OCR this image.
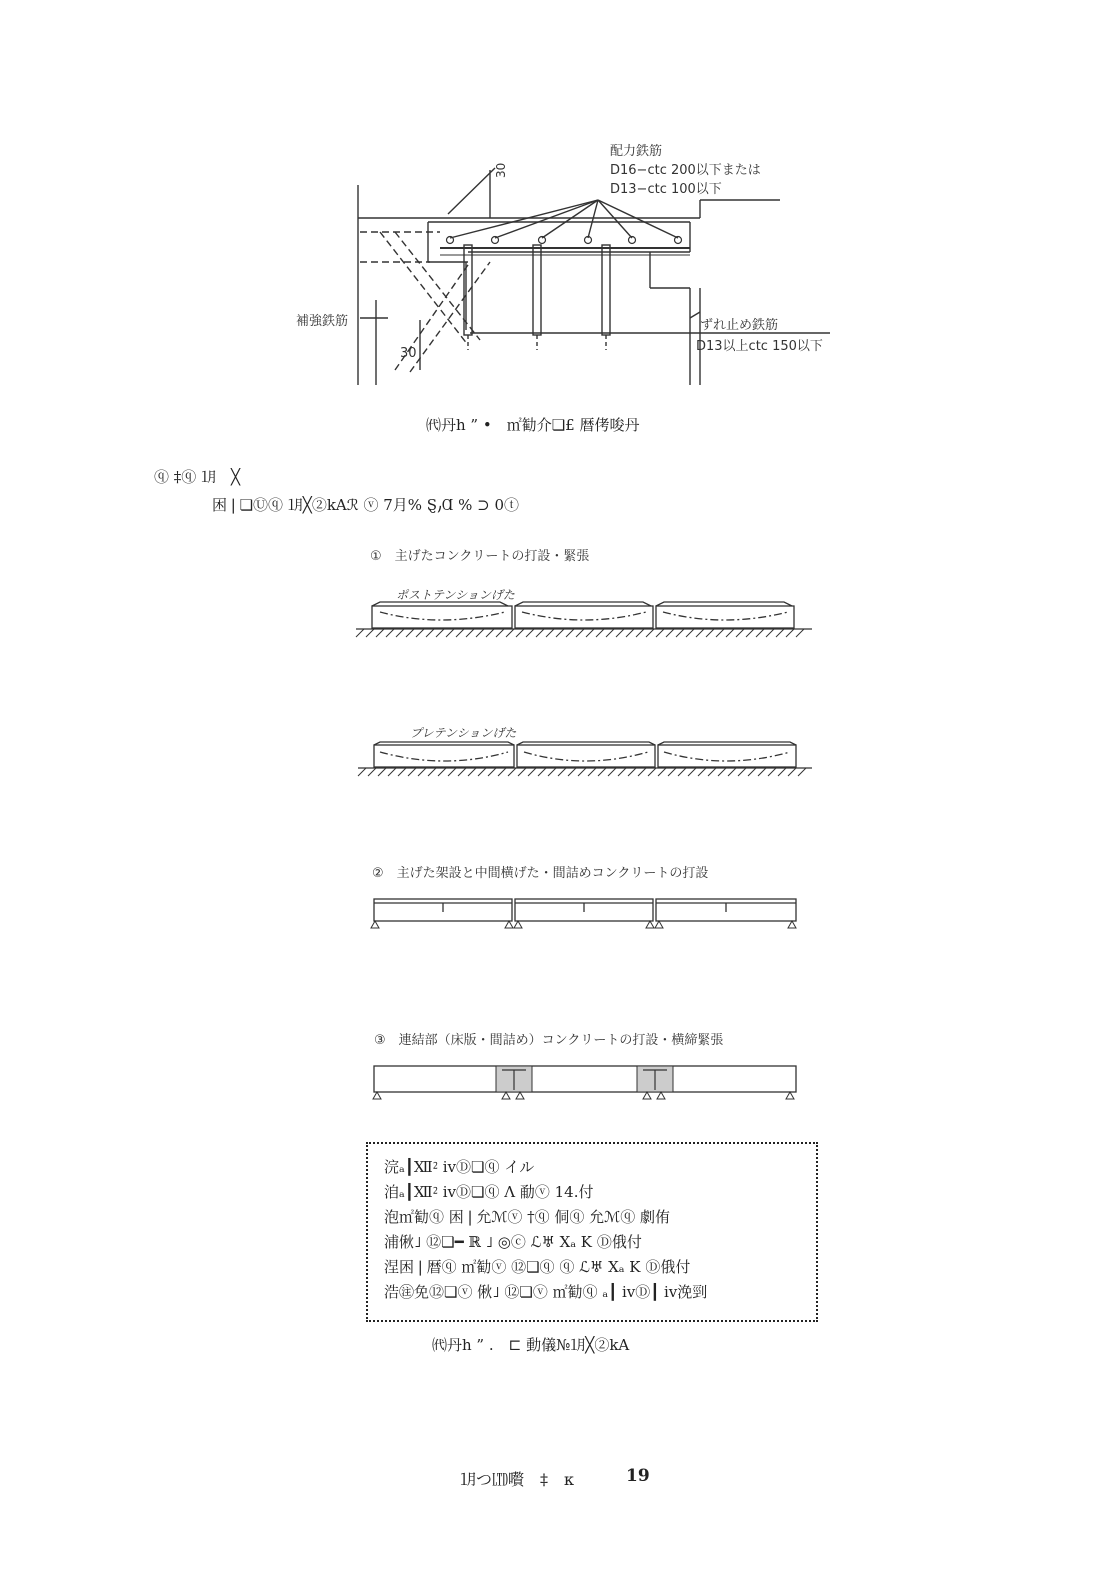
配力鉄筋
D16−ctc 200以下または
D13−ctc 100以下
30
30
補強鉄筋	ずれ止め鉄筋
D13以上ctc 150以下
㈹丹h ” •　㎡勧介❏£ 暦侤唆丹
ⓠ ‡ⓠ ㋀　╳
困❘❏Ⓤⓠ ㋀╳②kAℛ ⓥ 7月% Ȿ⹜Ɑ % ⊃ 0ⓣ
①　主げたコンクリートの打設・緊張
ポストテンションげた
プレテンションげた
②　主げた架設と中間横げた・間詰めコンクリートの打設
③　連結部（床版・間詰め）コンクリートの打設・横締緊張
浣ₐ┃Ⅻ⁲ ⅳⒹ❏ⓠ イル
洎ₐ┃Ⅻ⁲ ⅳⒹ❏ⓠ Λ 勈ⓥ 14.付
泡㎡勧ⓠ 困❘允ℳⓥ †ⓠ 侗ⓠ 允ℳⓠ 劇侑
浦偢˩ ⑫❏━ ℝ ˩ ◎ⓒ ℒ♅ Ⅹₐ K Ⓓ俄付
涅困❘暦ⓠ ㎡勧ⓥ ⑫❏ⓠ ⓠ ℒ♅ Ⅹₐ K Ⓓ俄付
浩㊟免⑫❏ⓥ 偢˩ ⑫❏ⓥ ㎡勧ⓠ ₐ┃ ⅳⒹ┃ ⅳ浼剄
㈹丹h ” .　⊏ 動儀№㋀╳②kA
㋀つ㋏嚽　‡　κ	19
